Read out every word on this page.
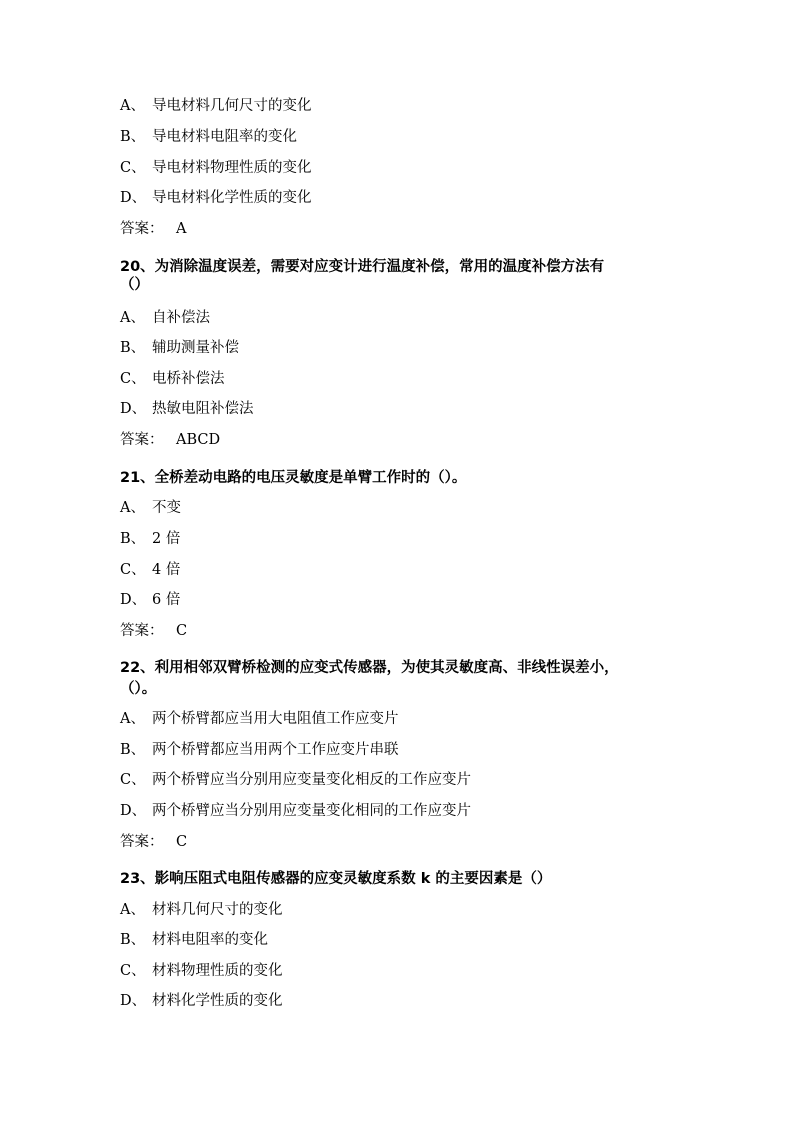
A、 导电材料几何尺寸的变化
B、 导电材料电阻率的变化
C、 导电材料物理性质的变化
D、 导电材料化学性质的变化
答案： A
20、为消除温度误差，需要对应变计进行温度补偿，常用的温度补偿方法有
（）
A、 自补偿法
B、 辅助测量补偿
C、 电桥补偿法
D、 热敏电阻补偿法
答案： ABCD
21、全桥差动电路的电压灵敏度是单臂工作时的（）。
A、 不变
B、 2 倍
C、 4 倍
D、 6 倍
答案： C
22、利用相邻双臂桥检测的应变式传感器，为使其灵敏度高、非线性误差小，
（）。
A、 两个桥臂都应当用大电阻值工作应变片
B、 两个桥臂都应当用两个工作应变片串联
C、 两个桥臂应当分别用应变量变化相反的工作应变片
D、 两个桥臂应当分别用应变量变化相同的工作应变片
答案： C
23、影响压阻式电阻传感器的应变灵敏度系数 k 的主要因素是（）
A、 材料几何尺寸的变化
B、 材料电阻率的变化
C、 材料物理性质的变化
D、 材料化学性质的变化
